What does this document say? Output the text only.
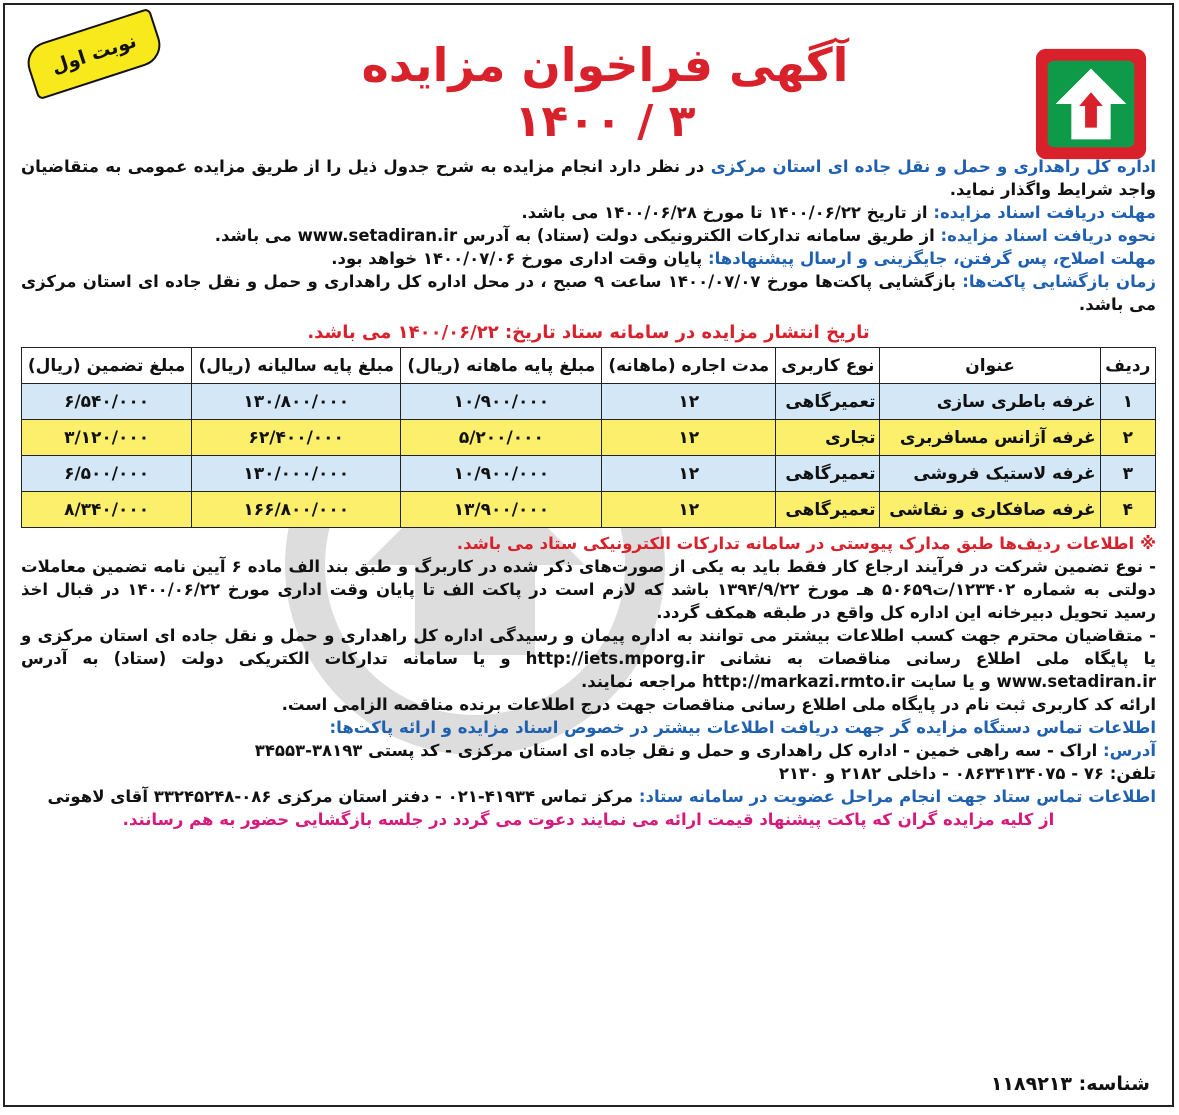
نوبت اول	آگهی فراخوان مزایده
۱۴۰۰ / ۳

اداره کل راهداری و حمل و نقل جاده ای استان مرکزی در نظر دارد انجام مزایده به شرح جدول ذیل را از طریق مزایده عمومی به متقاضیان واجد شرایط واگذار نماید.

مهلت دریافت اسناد مزایده: از تاریخ ۱۴۰۰/۰۶/۲۲ تا مورخ ۱۴۰۰/۰۶/۲۸ می باشد.

نحوه دریافت اسناد مزایده: از طریق سامانه تدارکات الکترونیکی دولت (ستاد) به آدرس www.setadiran.ir می باشد.

مهلت اصلاح، پس گرفتن، جایگزینی و ارسال پیشنهادها: پایان وقت اداری مورخ ۱۴۰۰/۰۷/۰۶ خواهد بود.

زمان بازگشایی پاکت‌ها: بازگشایی پاکت‌ها مورخ ۱۴۰۰/۰۷/۰۷ ساعت ۹ صبح ، در محل اداره کل راهداری و حمل و نقل جاده ای استان مرکزی می باشد.

تاریخ انتشار مزایده در سامانه ستاد تاریخ: ۱۴۰۰/۰۶/۲۲ می باشد.
ردیف	عنوان	نوع کاربری	مدت اجاره (ماهانه)	مبلغ پایه ماهانه (ریال)	مبلغ پایه سالیانه (ریال)	مبلغ تضمین (ریال)
۱	غرفه باطری سازی	تعمیرگاهی	۱۲	۱۰/۹۰۰/۰۰۰	۱۳۰/۸۰۰/۰۰۰	۶/۵۴۰/۰۰۰
۲	غرفه آژانس مسافربری	تجاری	۱۲	۵/۲۰۰/۰۰۰	۶۲/۴۰۰/۰۰۰	۳/۱۲۰/۰۰۰
۳	غرفه لاستیک فروشی	تعمیرگاهی	۱۲	۱۰/۹۰۰/۰۰۰	۱۳۰/۰۰۰/۰۰۰	۶/۵۰۰/۰۰۰
۴	غرفه صافکاری و نقاشی	تعمیرگاهی	۱۲	۱۳/۹۰۰/۰۰۰	۱۶۶/۸۰۰/۰۰۰	۸/۳۴۰/۰۰۰

※ اطلاعات ردیف‌ها طبق مدارک پیوستی در سامانه تدارکات الکترونیکی ستاد می باشد.

- نوع تضمین شرکت در فرآیند ارجاع کار فقط باید به یکی از صورت‌های ذکر شده در کاربرگ و طبق بند الف ماده ۶ آیین نامه تضمین معاملات دولتی به شماره ۱۲۳۴۰۲/ت۵۰۶۵۹ هـ مورخ ۱۳۹۴/۹/۲۲ باشد که لازم است در پاکت الف تا پایان وقت اداری مورخ ۱۴۰۰/۰۶/۲۲ در قبال اخذ رسید تحویل دبیرخانه این اداره کل واقع در طبقه همکف گردد.

- متقاضیان محترم جهت کسب اطلاعات بیشتر می توانند به اداره پیمان و رسیدگی اداره کل راهداری و حمل و نقل جاده ای استان مرکزی و یا پایگاه ملی اطلاع رسانی مناقصات به نشانی http://iets.mporg.ir و یا سامانه تدارکات الکتریکی دولت (ستاد) به آدرس www.setadiran.ir و یا سایت http://markazi.rmto.ir مراجعه نمایند.

ارائه کد کاربری ثبت نام در پایگاه ملی اطلاع رسانی مناقصات جهت درج اطلاعات برنده مناقصه الزامی است.

اطلاعات تماس دستگاه مزایده گر جهت دریافت اطلاعات بیشتر در خصوص اسناد مزایده و ارائه پاکت‌ها:

آدرس: اراک - سه راهی خمین - اداره کل راهداری و حمل و نقل جاده ای استان مرکزی - کد پستی ۳۸۱۹۳-۳۴۵۵۳

تلفن: ۷۶ - ۰۸۶۳۴۱۳۴۰۷۵ - داخلی ۲۱۸۲ و ۲۱۳۰

اطلاعات تماس ستاد جهت انجام مراحل عضویت در سامانه ستاد: مرکز تماس ۴۱۹۳۴-۰۲۱ - دفتر استان مرکزی ۰۸۶-۳۳۲۴۵۲۴۸ آقای لاهوتی

از کلیه مزایده گران که پاکت پیشنهاد قیمت ارائه می نمایند دعوت می گردد در جلسه بازگشایی حضور به هم رسانند.

شناسه: ۱۱۸۹۲۱۳
